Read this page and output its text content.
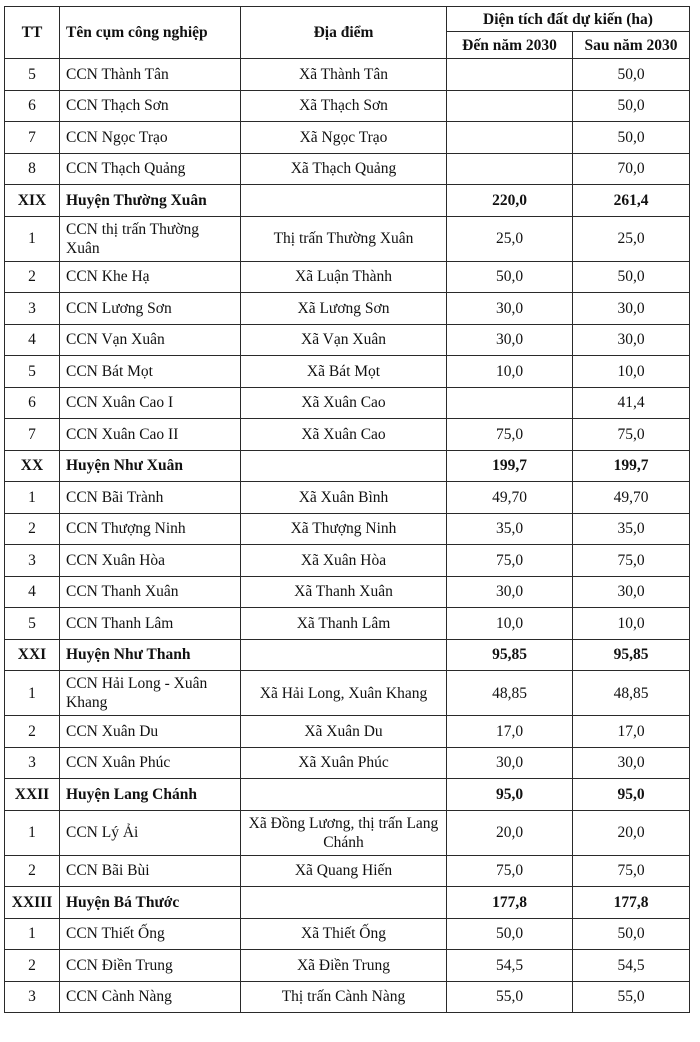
TT	Tên cụm công nghiệp	Địa điểm	Diện tích đất dự kiến (ha)	
			Đến năm 2030	Sau năm 2030
5	CCN Thành Tân	Xã Thành Tân		50,0
6	CCN Thạch Sơn	Xã Thạch Sơn		50,0
7	CCN Ngọc Trạo	Xã Ngọc Trạo		50,0
8	CCN Thạch Quảng	Xã Thạch Quảng		70,0
XIX	Huyện Thường Xuân		220,0	261,4
1	CCN thị trấn Thường Xuân	Thị trấn Thường Xuân	25,0	25,0
2	CCN Khe Hạ	Xã Luận Thành	50,0	50,0
3	CCN Lương Sơn	Xã Lương Sơn	30,0	30,0
4	CCN Vạn Xuân	Xã Vạn Xuân	30,0	30,0
5	CCN Bát Mọt	Xã Bát Mọt	10,0	10,0
6	CCN Xuân Cao I	Xã Xuân Cao		41,4
7	CCN Xuân Cao II	Xã Xuân Cao	75,0	75,0
XX	Huyện Như Xuân		199,7	199,7
1	CCN Bãi Trành	Xã Xuân Bình	49,70	49,70
2	CCN Thượng Ninh	Xã Thượng Ninh	35,0	35,0
3	CCN Xuân Hòa	Xã Xuân Hòa	75,0	75,0
4	CCN Thanh Xuân	Xã Thanh Xuân	30,0	30,0
5	CCN Thanh Lâm	Xã Thanh Lâm	10,0	10,0
XXI	Huyện Như Thanh		95,85	95,85
1	CCN Hải Long - Xuân Khang	Xã Hải Long, Xuân Khang	48,85	48,85
2	CCN Xuân Du	Xã Xuân Du	17,0	17,0
3	CCN Xuân Phúc	Xã Xuân Phúc	30,0	30,0
XXII	Huyện Lang Chánh		95,0	95,0
1	CCN Lý Ải	Xã Đồng Lương, thị trấn Lang Chánh	20,0	20,0
2	CCN Bãi Bùi	Xã Quang Hiến	75,0	75,0
XXIII	Huyện Bá Thước		177,8	177,8
1	CCN Thiết Ống	Xã Thiết Ống	50,0	50,0
2	CCN Điền Trung	Xã Điền Trung	54,5	54,5
3	CCN Cành Nàng	Thị trấn Cành Nàng	55,0	55,0
